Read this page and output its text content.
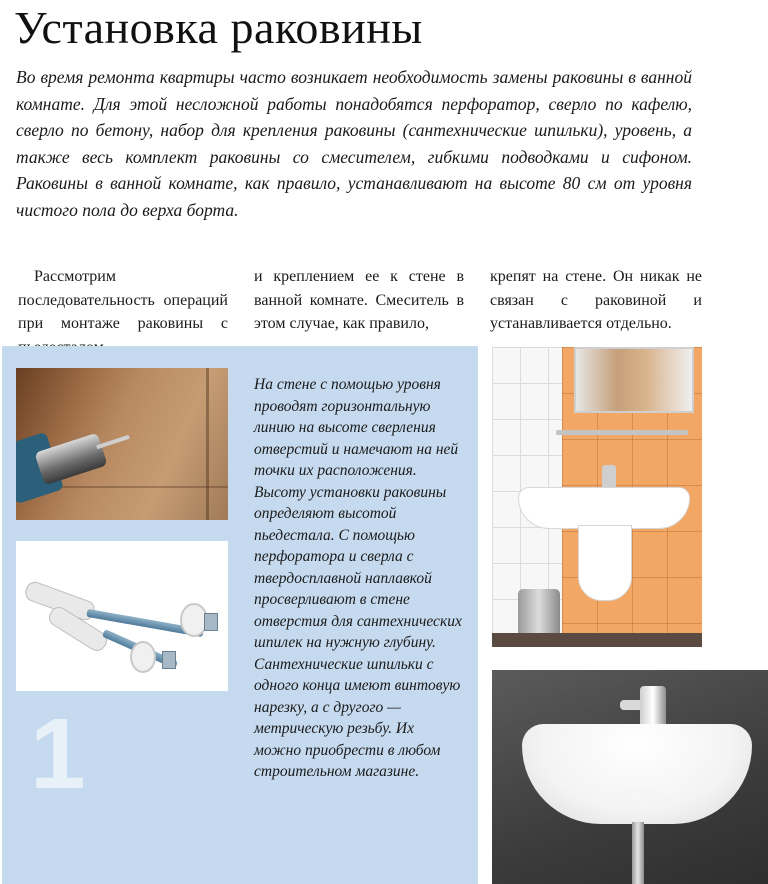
Установка раковины

Во время ремонта квартиры часто возникает необходимость замены раковины в ванной комнате. Для этой несложной работы понадобятся перфоратор, сверло по кафелю, сверло по бетону, набор для крепления раковины (сантехнические шпильки), уровень, а также весь комплект раковины со смесителем, гибкими подводками и сифоном. Раковины в ванной комнате, как правило, устанавливают на высоте 80 см от уровня чистого пола до верха борта.

Рассмотрим последовательность операций при монтаже раковины с

и креплением ее к стене в ванной комнате. Смеситель в этом случае, как правило,

крепят на стене. Он никак не связан с раковиной и устанавливается отдельно.

1

На стене с помощью уровня проводят горизонтальную линию на высоте сверления отверстий и намечают на ней точки их расположения. Высоту установки раковины определяют высотой пьедестала. С помощью перфоратора и сверла с твердосплавной наплавкой просверливают в стене отверстия для сантехнических шпилек на нужную глубину. Сантехнические шпильки с одного конца имеют винтовую нарезку, а с другого — метрическую резьбу. Их можно приобрести в любом строительном магазине.
